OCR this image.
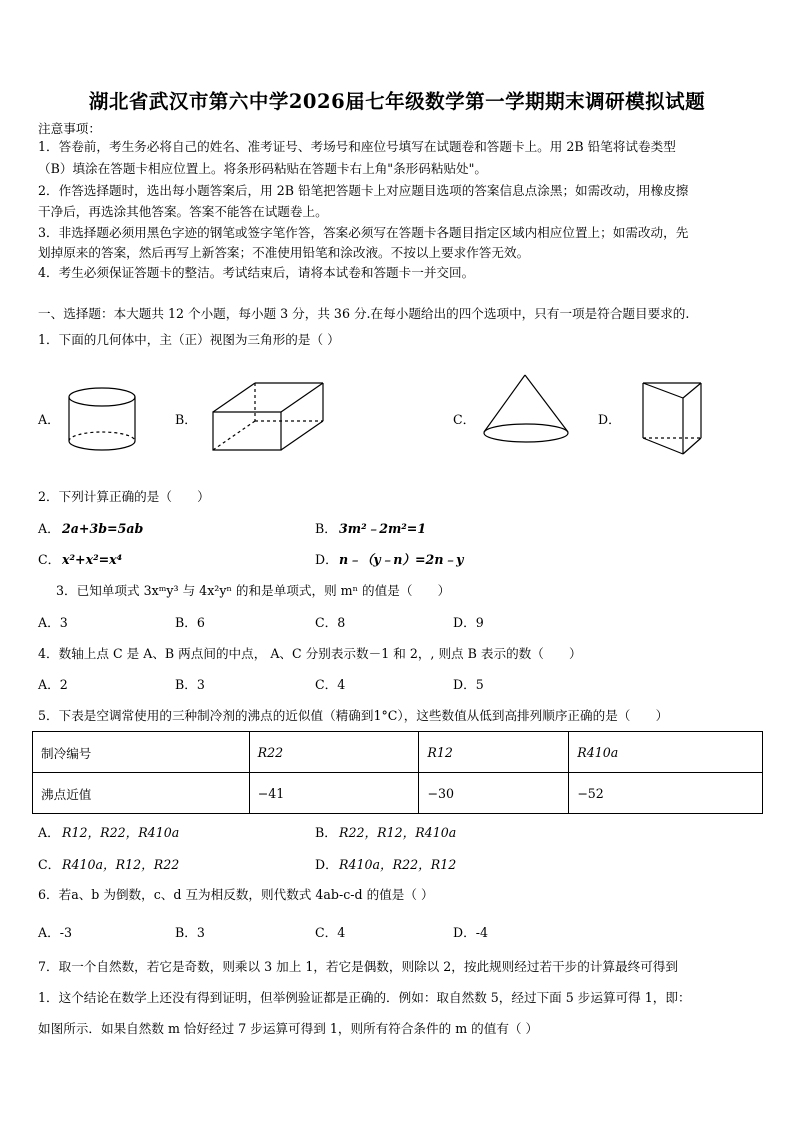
湖北省武汉市第六中学2026届七年级数学第一学期期末调研模拟试题
注意事项：
1．答卷前，考生务必将自己的姓名、准考证号、考场号和座位号填写在试题卷和答题卡上。用 2B 铅笔将试卷类型
（B）填涂在答题卡相应位置上。将条形码粘贴在答题卡右上角"条形码粘贴处"。
2．作答选择题时，选出每小题答案后，用 2B 铅笔把答题卡上对应题目选项的答案信息点涂黑；如需改动，用橡皮擦
干净后，再选涂其他答案。答案不能答在试题卷上。
3．非选择题必须用黑色字迹的钢笔或签字笔作答，答案必须写在答题卡各题目指定区域内相应位置上；如需改动，先
划掉原来的答案，然后再写上新答案；不准使用铅笔和涂改液。不按以上要求作答无效。
4．考生必须保证答题卡的整洁。考试结束后，请将本试卷和答题卡一并交回。
一、选择题：本大题共 12 个小题，每小题 3 分，共 36 分.在每小题给出的四个选项中，只有一项是符合题目要求的.
1．下面的几何体中，主（正）视图为三角形的是（ ）
A．	B．	C．	D．
2．下列计算正确的是（　　）
A． 2a+3b=5ab	B． 3m²﹣2m²=1
C． x²+x²=x⁴	D． n﹣（y﹣n）=2n﹣y
3．已知单项式 3xᵐy³ 与 4x²yⁿ 的和是单项式，则 mⁿ 的值是（　　）
A．3	B．6	C．8	D．9
4．数轴上点 C 是 A、B 两点间的中点， A、C 分别表示数－1 和 2，, 则点 B 表示的数（　　）
A．2	B．3	C．4	D．5
5．下表是空调常使用的三种制冷剂的沸点的近似值（精确到1°C），这些数值从低到高排列顺序正确的是（　　）
制冷编号	R22	R12	R410a
沸点近值	−41	−30	−52
A． R12，R22，R410a	B． R22，R12，R410a
C． R410a，R12，R22	D． R410a，R22，R12
6．若a、b 为倒数，c、d 互为相反数，则代数式 4ab-c-d 的值是（ ）
A．-3	B．3	C．4	D．-4
7．取一个自然数，若它是奇数，则乘以 3 加上 1，若它是偶数，则除以 2，按此规则经过若干步的计算最终可得到
1．这个结论在数学上还没有得到证明，但举例验证都是正确的．例如：取自然数 5，经过下面 5 步运算可得 1，即：
如图所示．如果自然数 m 恰好经过 7 步运算可得到 1，则所有符合条件的 m 的值有（ ）
